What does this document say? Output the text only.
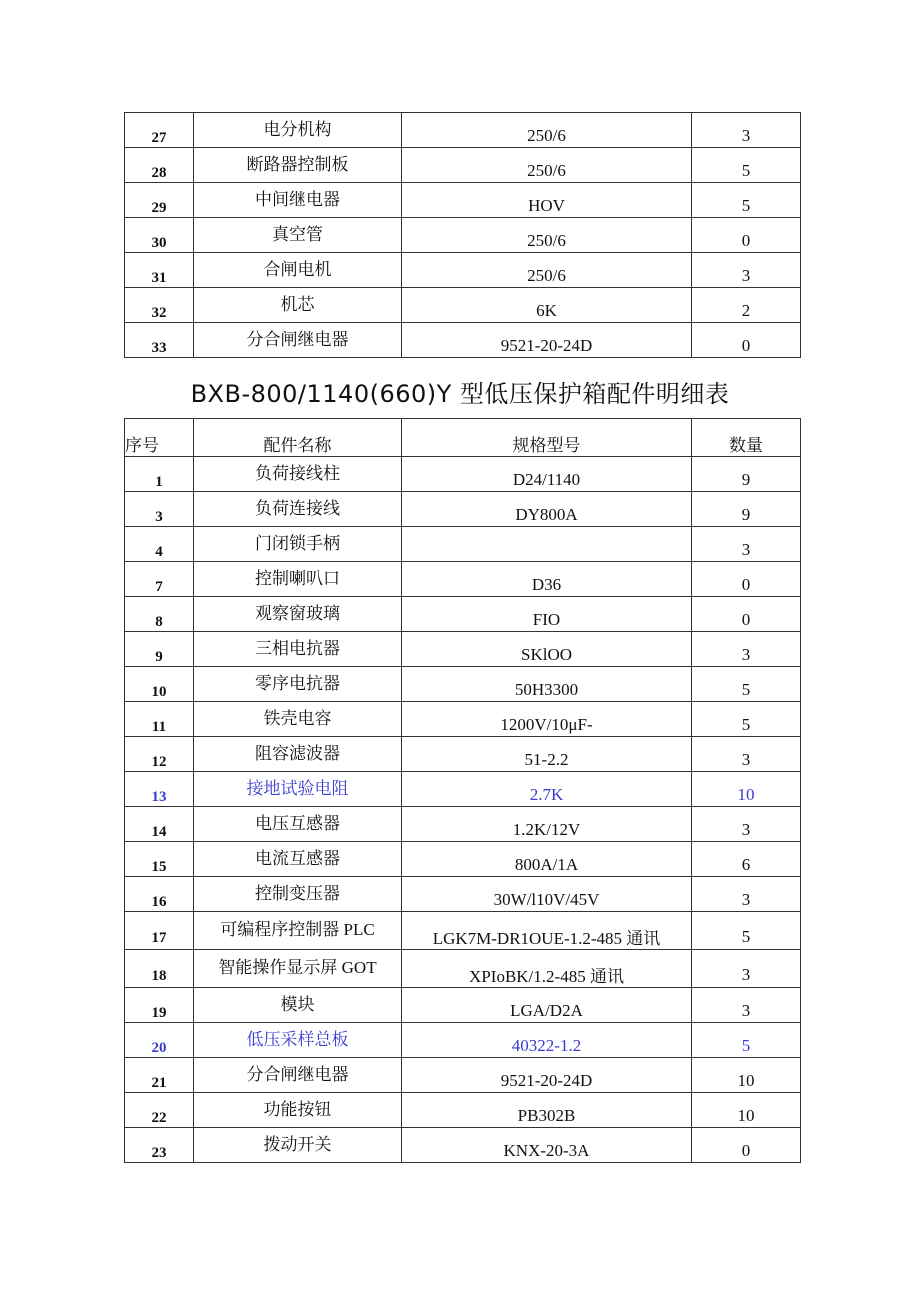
27	电分机构	250/6	3
28	断路器控制板	250/6	5
29	中间继电器	HOV	5
30	真空管	250/6	0
31	合闸电机	250/6	3
32	机芯	6K	2
33	分合闸继电器	9521-20-24D	0
BXB-800/1140(660)Y 型低压保护箱配件明细表
序号	配件名称	规格型号	数量
1	负荷接线柱	D24/1140	9
3	负荷连接线	DY800A	9
4	门闭锁手柄		3
7	控制喇叭口	D36	0
8	观察窗玻璃	FIO	0
9	三相电抗器	SKlOO	3
10	零序电抗器	50H3300	5
11	铁壳电容	1200V/10μF-	5
12	阻容滤波器	51-2.2	3
13	接地试验电阻	2.7K	10
14	电压互感器	1.2K/12V	3
15	电流互感器	800A/1A	6
16	控制变压器	30W/l10V/45V	3
17	可编程序控制器 PLC	LGK7M-DR1OUE-1.2-485 通讯	5
18	智能操作显示屏 GOT	XPIoBK/1.2-485 通讯	3
19	模块	LGA/D2A	3
20	低压采样总板	40322-1.2	5
21	分合闸继电器	9521-20-24D	10
22	功能按钮	PB302B	10
23	拨动开关	KNX-20-3A	0
